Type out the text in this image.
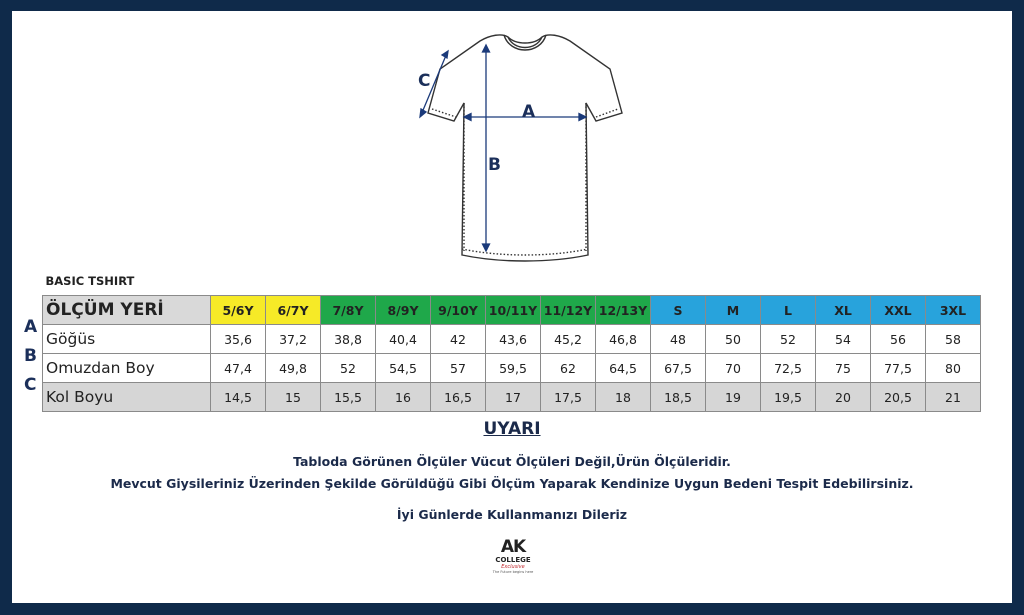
A
B
C
A
B
C
BASIC TSHIRT														
ÖLÇÜM YERİ	5/6Y	6/7Y	7/8Y	8/9Y	9/10Y	10/11Y	11/12Y	12/13Y	S	M	L	XL	XXL	3XL
Göğüs	35,6	37,2	38,8	40,4	42	43,6	45,2	46,8	48	50	52	54	56	58
Omuzdan Boy	47,4	49,8	52	54,5	57	59,5	62	64,5	67,5	70	72,5	75	77,5	80
Kol Boyu	14,5	15	15,5	16	16,5	17	17,5	18	18,5	19	19,5	20	20,5	21
UYARI
Tabloda Görünen Ölçüler Vücut Ölçüleri Değil,Ürün Ölçüleridir.
Mevcut Giysileriniz Üzerinden Şekilde Görüldüğü Gibi Ölçüm Yaparak Kendinize Uygun Bedeni Tespit Edebilirsiniz.
İyi Günlerde Kullanmanızı Dileriz
AK
COLLEGE
Exclusive
The Future begins here
